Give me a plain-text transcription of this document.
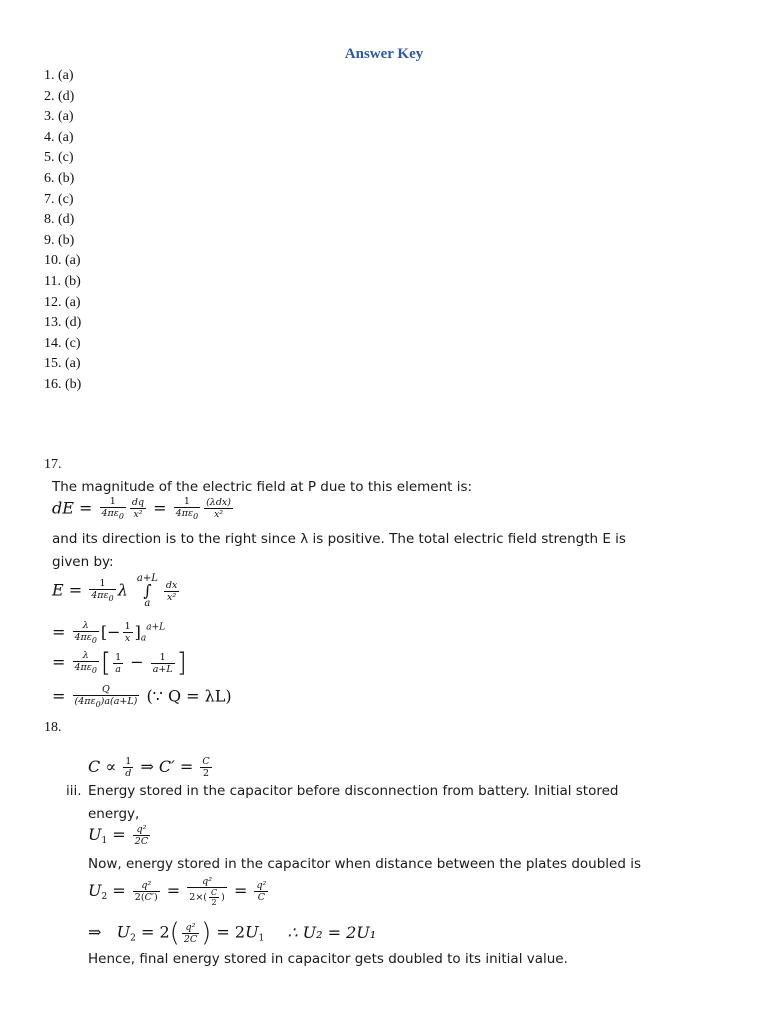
Answer Key
1. (a)
2. (d)
3. (a)
4. (a)
5. (c)
6. (b)
7. (c)
8. (d)
9. (b)
10. (a)
11. (b)
12. (a)
13. (d)
14. (c)
15. (a)
16. (b)
17.
The magnitude of the electric field at P due to this element is:
dE = $\frac{1}{4\pi\varepsilon_0} \frac{dq}{\text{x²}} = \frac{1}{4\pi\varepsilon_0} \frac{\text{(λdx)}}{\text{x²}}$
and its direction is to the right since λ is positive. The total electric field strength E is
given by:
$E = \frac{1}{4\pi\varepsilon_0}$ λ
a+L
∫
a
$\frac{dx}{\text{x²}}$
= $\frac{\lambda}{4\pi\varepsilon_0}$ [− $\frac{1}{x} ]_a^{a+L}$
= $\frac{\lambda}{4\pi\varepsilon_0}$ [ $\frac{1}{a} - \frac{1}{a+L}$ ]
= $\frac{Q}{(4\pi\varepsilon_0)a(a+L)}$ (∵ Q = λL)
18.
$C \propto \frac{1}{d}$ ⇒ $C' = \frac{C}{2}$
iii. Energy stored in the capacitor before disconnection from battery. Initial stored
energy,
$U_1 = \frac{\text{q²}}{2C}$
Now, energy stored in the capacitor when distance between the plates doubled is
$U_2 = \frac{\text{q²}}{2(C')} = \frac{\text{q²}}{2\times( \frac{C}{2} )} = \frac{\text{q²}}{C}$
⇒   $U_2 = 2( \frac{\text{q²}}{2C}$ ) = $2U_1$ ∴ U₂ = 2U₁
Hence, final energy stored in capacitor gets doubled to its initial value.
